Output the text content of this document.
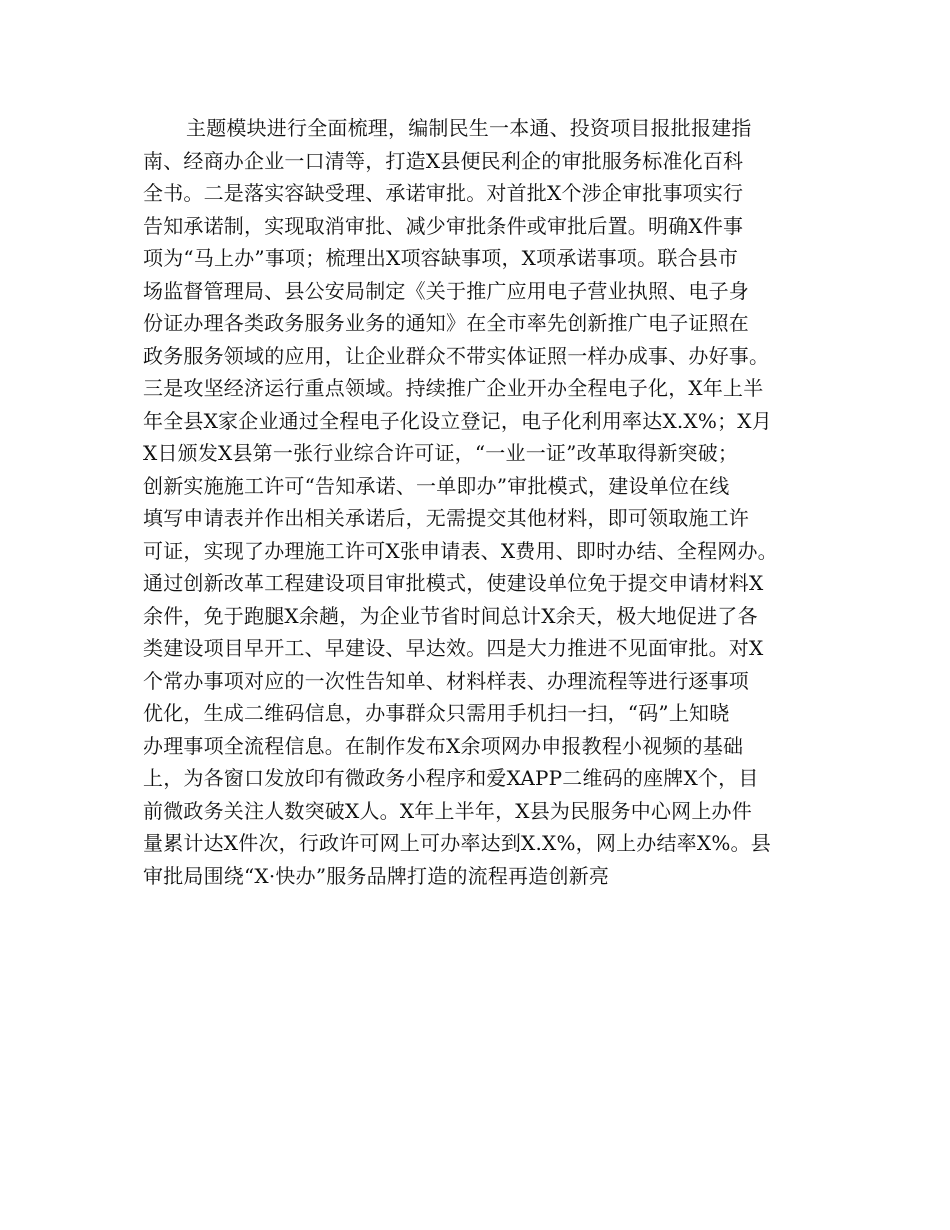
主题模块进行全面梳理，编制民生一本通、投资项目报批报建指
南、经商办企业一口清等，打造X县便民利企的审批服务标准化百科
全书。二是落实容缺受理、承诺审批。对首批X个涉企审批事项实行
告知承诺制，实现取消审批、减少审批条件或审批后置。明确X件事
项为“马上办”事项；梳理出X项容缺事项，X项承诺事项。联合县市
场监督管理局、县公安局制定《关于推广应用电子营业执照、电子身
份证办理各类政务服务业务的通知》在全市率先创新推广电子证照在
政务服务领域的应用，让企业群众不带实体证照一样办成事、办好事。
三是攻坚经济运行重点领域。持续推广企业开办全程电子化，X年上半
年全县X家企业通过全程电子化设立登记，电子化利用率达X.X%；X月
X日颁发X县第一张行业综合许可证，“一业一证”改革取得新突破；
创新实施施工许可“告知承诺、一单即办”审批模式，建设单位在线
填写申请表并作出相关承诺后，无需提交其他材料，即可领取施工许
可证，实现了办理施工许可X张申请表、X费用、即时办结、全程网办。
通过创新改革工程建设项目审批模式，使建设单位免于提交申请材料X
余件，免于跑腿X余趟，为企业节省时间总计X余天，极大地促进了各
类建设项目早开工、早建设、早达效。四是大力推进不见面审批。对X
个常办事项对应的一次性告知单、材料样表、办理流程等进行逐事项
优化，生成二维码信息，办事群众只需用手机扫一扫，“码”上知晓
办理事项全流程信息。在制作发布X余项网办申报教程小视频的基础
上，为各窗口发放印有微政务小程序和爱XAPP二维码的座牌X个，目
前微政务关注人数突破X人。X年上半年，X县为民服务中心网上办件
量累计达X件次，行政许可网上可办率达到X.X%，网上办结率X%。县
审批局围绕“X·快办”服务品牌打造的流程再造创新亮
